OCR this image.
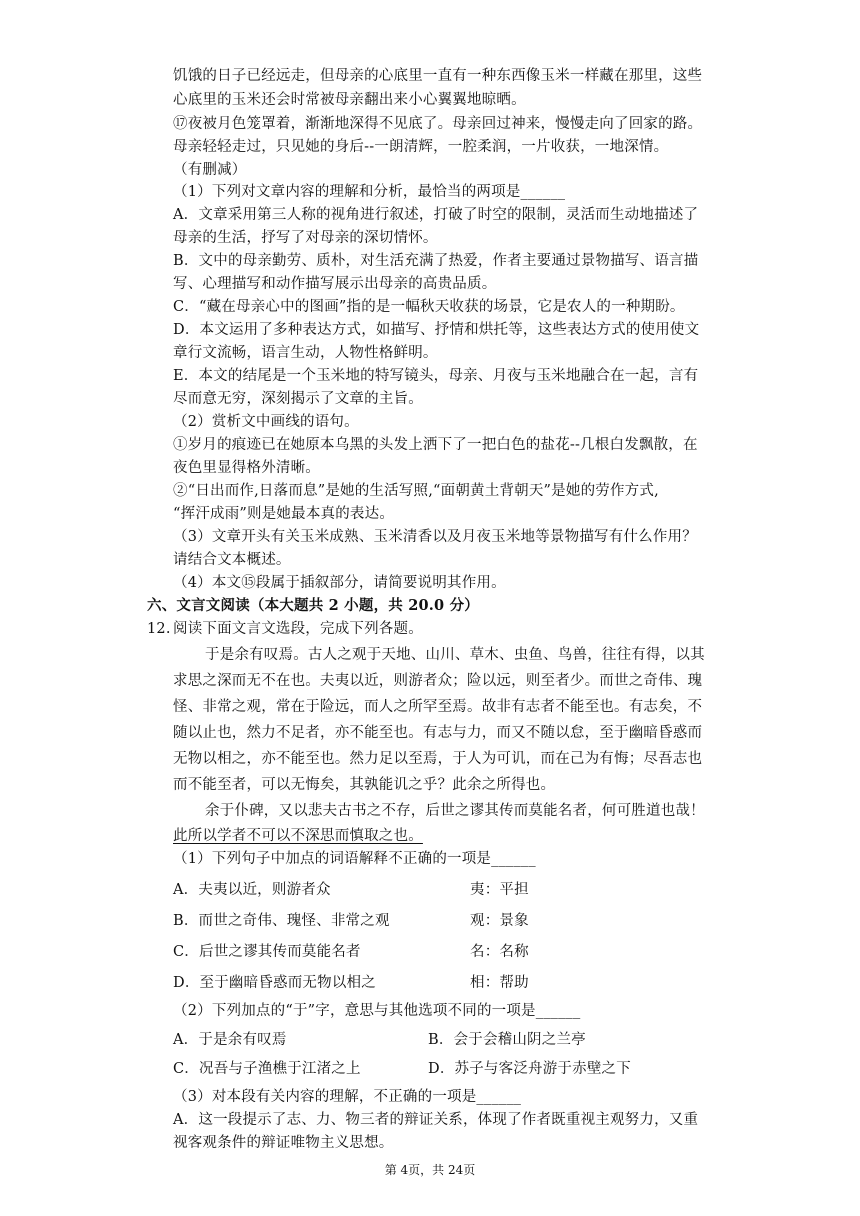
饥饿的日子已经远走，但母亲的心底里一直有一种东西像玉米一样藏在那里，这些
心底里的玉米还会时常被母亲翻出来小心翼翼地晾晒。
⑰夜被月色笼罩着，渐渐地深得不见底了。母亲回过神来，慢慢走向了回家的路。
母亲轻轻走过，只见她的身后--一朗清辉，一腔柔润，一片收获，一地深情。
（有删减）
（1）下列对文章内容的理解和分析，最恰当的两项是______
A．文章采用第三人称的视角进行叙述，打破了时空的限制，灵活而生动地描述了
母亲的生活，抒写了对母亲的深切情怀。
B．文中的母亲勤劳、质朴，对生活充满了热爱，作者主要通过景物描写、语言描
写、心理描写和动作描写展示出母亲的高贵品质。
C．“藏在母亲心中的图画”指的是一幅秋天收获的场景，它是农人的一种期盼。
D．本文运用了多种表达方式，如描写、抒情和烘托等，这些表达方式的使用使文
章行文流畅，语言生动，人物性格鲜明。
E．本文的结尾是一个玉米地的特写镜头，母亲、月夜与玉米地融合在一起，言有
尽而意无穷，深刻揭示了文章的主旨。
（2）赏析文中画线的语句。
①岁月的痕迹已在她原本乌黑的头发上洒下了一把白色的盐花--几根白发飘散，在
夜色里显得格外清晰。
②“日出而作,日落而息”是她的生活写照,“面朝黄土背朝天”是她的劳作方式,
“挥汗成雨”则是她最本真的表达。
（3）文章开头有关玉米成熟、玉米清香以及月夜玉米地等景物描写有什么作用？
请结合文本概述。
（4）本文⑮段属于插叙部分，请简要说明其作用。
六、文言文阅读（本大题共 2 小题，共 20.0 分）
12. 阅读下面文言文选段，完成下列各题。
于是余有叹焉。古人之观于天地、山川、草木、虫鱼、鸟兽，往往有得，以其
求思之深而无不在也。夫夷以近，则游者众；险以远，则至者少。而世之奇伟、瑰
怪、非常之观，常在于险远，而人之所罕至焉。故非有志者不能至也。有志矣，不
随以止也，然力不足者，亦不能至也。有志与力，而又不随以怠，至于幽暗昏惑而
无物以相之，亦不能至也。然力足以至焉，于人为可讥，而在己为有悔；尽吾志也
而不能至者，可以无悔矣，其孰能讥之乎？此余之所得也。
余于仆碑，又以悲夫古书之不存，后世之谬其传而莫能名者，何可胜道也哉！
此所以学者不可以不深思而慎取之也。
（1）下列句子中加点的词语解释不正确的一项是______
A．夫夷以近，则游者众	夷：平担
B．而世之奇伟、瑰怪、非常之观	观：景象
C．后世之谬其传而莫能名者	名：名称
D．至于幽暗昏惑而无物以相之	相：帮助
（2）下列加点的“于”字，意思与其他选项不同的一项是______
A．于是余有叹焉	B．会于会稽山阴之兰亭
C．况吾与子渔樵于江渚之上	D．苏子与客泛舟游于赤壁之下
（3）对本段有关内容的理解，不正确的一项是______
A．这一段提示了志、力、物三者的辩证关系，体现了作者既重视主观努力，又重
视客观条件的辩证唯物主义思想。
第 4页，共 24页
